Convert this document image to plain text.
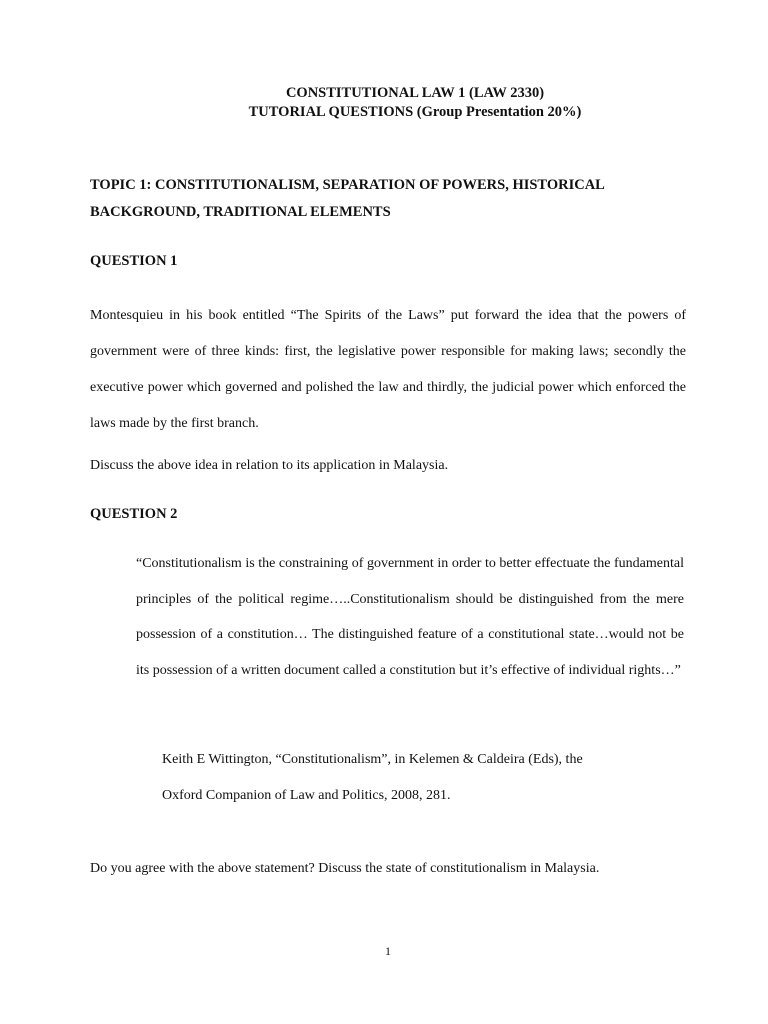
CONSTITUTIONAL LAW 1 (LAW 2330)
TUTORIAL QUESTIONS (Group Presentation 20%)
TOPIC 1: CONSTITUTIONALISM, SEPARATION OF POWERS, HISTORICAL BACKGROUND, TRADITIONAL ELEMENTS
QUESTION 1
Montesquieu in his book entitled “The Spirits of the Laws” put forward the idea that the powers of government were of three kinds: first, the legislative power responsible for making laws; secondly the executive power which governed and polished the law and thirdly, the judicial power which enforced the laws made by the first branch.
Discuss the above idea in relation to its application in Malaysia.
QUESTION 2
“Constitutionalism is the constraining of government in order to better effectuate the fundamental principles of the political regime…..Constitutionalism should be distinguished from the mere possession of a constitution… The distinguished feature of a constitutional state…would not be its possession of a written document called a constitution but it’s effective of individual rights…”
Keith E Wittington, “Constitutionalism”, in Kelemen & Caldeira (Eds), the
Oxford Companion of Law and Politics, 2008, 281.
Do you agree with the above statement? Discuss the state of constitutionalism in Malaysia.
1
